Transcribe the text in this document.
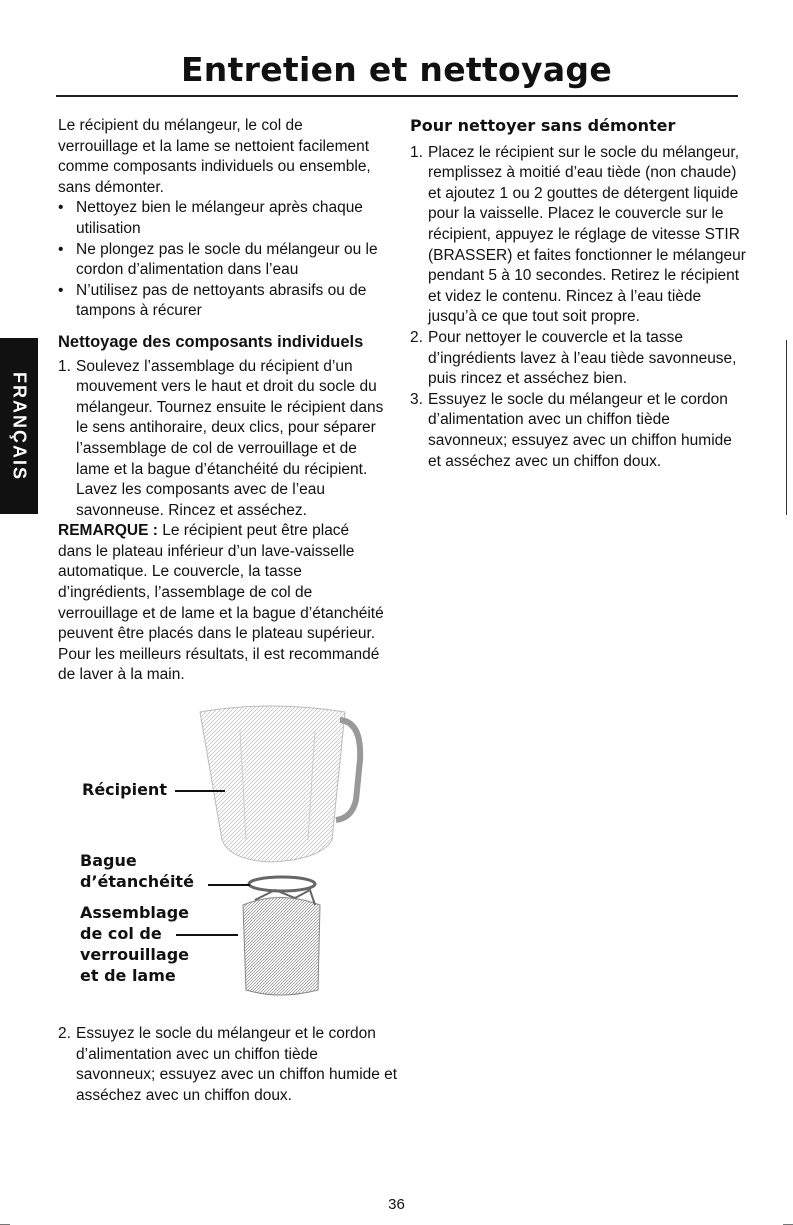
Entretien et nettoyage
FRANÇAIS

Le récipient du mélangeur, le col de verrouillage et la lame se nettoient facilement comme composants individuels ou ensemble, sans démonter.

• Nettoyez bien le mélangeur après chaque utilisation

• Ne plongez pas le socle du mélangeur ou le cordon d’alimentation dans l’eau

• N’utilisez pas de nettoyants abrasifs ou de tampons à récurer

Nettoyage des composants individuels

1. Soulevez l’assemblage du récipient d’un mouvement vers le haut et droit du socle du mélangeur. Tournez ensuite le récipient dans le sens antihoraire, deux clics, pour séparer l’assemblage de col de verrouillage et de lame et la bague d’étanchéité du récipient. Lavez les composants avec de l’eau savonneuse. Rincez et asséchez.

REMARQUE : Le récipient peut être placé dans le plateau inférieur d’un lave-vaisselle automatique. Le couvercle, la tasse d’ingrédients, l’assemblage de col de verrouillage et de lame et la bague d’étanchéité peuvent être placés dans le plateau supérieur. Pour les meilleurs résultats, il est recommandé de laver à la main.

Récipient
Bague
d’étanchéité
Assemblage
de col de
verrouillage
et de lame
2. Essuyez le socle du mélangeur et le cordon d’alimentation avec un chiffon tiède savonneux; essuyez avec un chiffon humide et asséchez avec un chiffon doux.

Pour nettoyer sans démonter

1. Placez le récipient sur le socle du mélangeur, remplissez à moitié d’eau tiède (non chaude) et ajoutez 1 ou 2 gouttes de détergent liquide pour la vaisselle. Placez le couvercle sur le récipient, appuyez le réglage de vitesse STIR (BRASSER) et faites fonctionner le mélangeur pendant 5 à 10 secondes. Retirez le récipient et videz le contenu. Rincez à l’eau tiède jusqu’à ce que tout soit propre.
2. Pour nettoyer le couvercle et la tasse d’ingrédients lavez à l’eau tiède savonneuse, puis rincez et asséchez bien.
3. Essuyez le socle du mélangeur et le cordon d’alimentation avec un chiffon tiède savonneux; essuyez avec un chiffon humide et asséchez avec un chiffon doux.
36
